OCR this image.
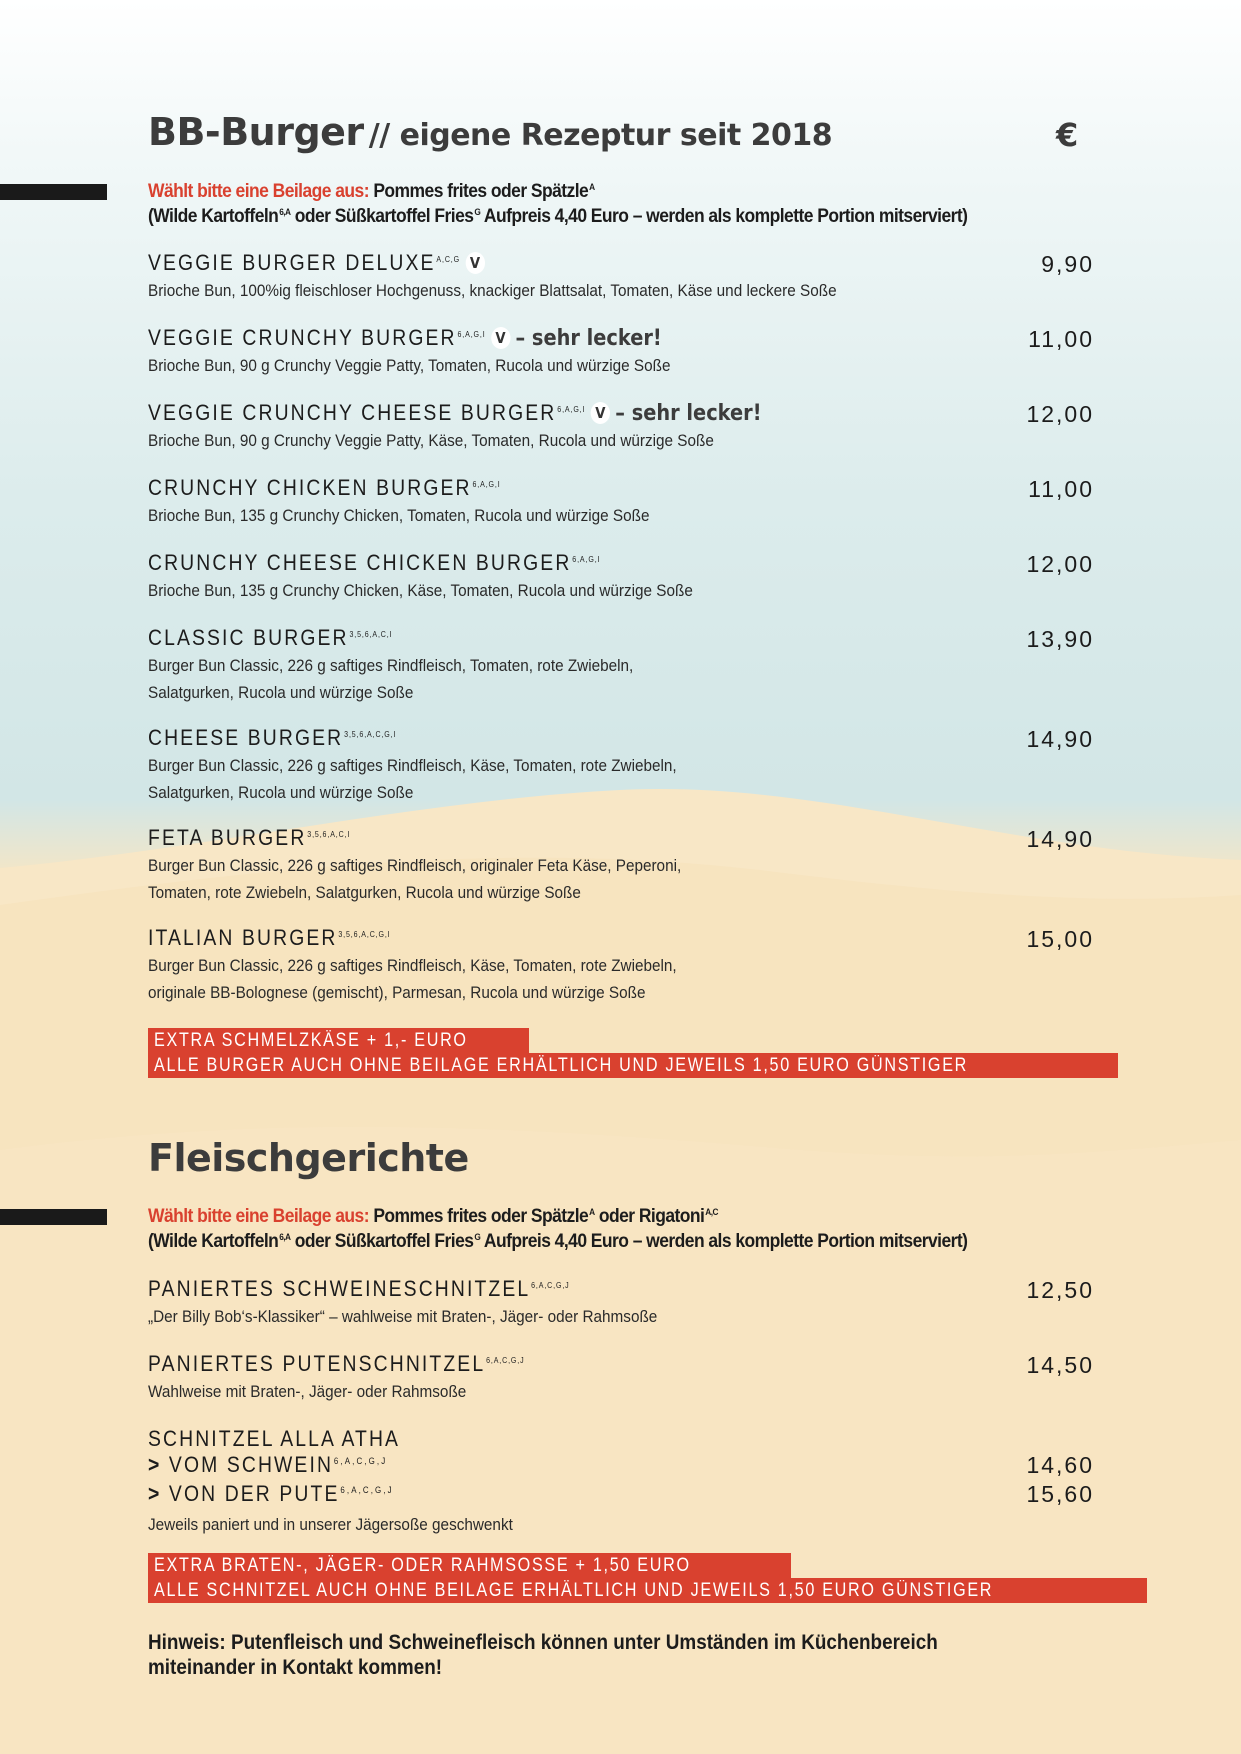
BB-Burger // eigene Rezeptur seit 2018	€
Wählt bitte eine Beilage aus: Pommes frites oder Spätzle$^A$
(Wilde Kartoffeln$^{6,A}$ oder Süßkartoffel Fries$^G$ Aufpreis 4,40 Euro – werden als komplette Portion mitserviert)
VEGGIE BURGER $DELUXE^{A,C,G}$ V
Brioche Bun, 100%ig fleischloser Hochgenuss, knackiger Blattsalat, Tomaten, Käse und leckere Soße
9,90
VEGGIE CRUNCHY $BURGER^{6,A,G,I}$ V – sehr lecker!
Brioche Bun, 90 g Crunchy Veggie Patty, Tomaten, Rucola und würzige Soße
11,00
VEGGIE CRUNCHY CHEESE $BURGER^{6,A,G,I}$ V – sehr lecker!
Brioche Bun, 90 g Crunchy Veggie Patty, Käse, Tomaten, Rucola und würzige Soße
12,00
CRUNCHY CHICKEN $BURGER^{6,A,G,I}$
Brioche Bun, 135 g Crunchy Chicken, Tomaten, Rucola und würzige Soße
11,00
CRUNCHY CHEESE CHICKEN $BURGER^{6,A,G,I}$
Brioche Bun, 135 g Crunchy Chicken, Käse, Tomaten, Rucola und würzige Soße
12,00
CLASSIC $BURGER^{3,5,6,A,C,I}$
Burger Bun Classic, 226 g saftiges Rindfleisch, Tomaten, rote Zwiebeln,
Salatgurken, Rucola und würzige Soße
13,90
CHEESE $BURGER^{3,5,6,A,C,G,I}$
Burger Bun Classic, 226 g saftiges Rindfleisch, Käse, Tomaten, rote Zwiebeln,
Salatgurken, Rucola und würzige Soße
14,90
FETA $BURGER^{3,5,6,A,C,I}$
Burger Bun Classic, 226 g saftiges Rindfleisch, originaler Feta Käse, Peperoni,
Tomaten, rote Zwiebeln, Salatgurken, Rucola und würzige Soße
14,90
ITALIAN $BURGER^{3,5,6,A,C,G,I}$
Burger Bun Classic, 226 g saftiges Rindfleisch, Käse, Tomaten, rote Zwiebeln,
originale BB-Bolognese (gemischt), Parmesan, Rucola und würzige Soße
15,00
EXTRA SCHMELZKÄSE + 1,- EURO
ALLE BURGER AUCH OHNE BEILAGE ERHÄLTLICH UND JEWEILS 1,50 EURO GÜNSTIGER
Fleischgerichte
Wählt bitte eine Beilage aus: Pommes frites oder Spätzle$^A$ oder Rigatoni$^{A,C}$
(Wilde Kartoffeln$^{6,A}$ oder Süßkartoffel Fries$^G$ Aufpreis 4,40 Euro – werden als komplette Portion mitserviert)
PANIERTES $SCHWEINESCHNITZEL^{6,A,C,G,J}$
„Der Billy Bob‘s-Klassiker“ – wahlweise mit Braten-, Jäger- oder Rahmsoße
12,50
PANIERTES $PUTENSCHNITZEL^{6,A,C,G,J}$
Wahlweise mit Braten-, Jäger- oder Rahmsoße
14,50
SCHNITZEL ALLA ATHA
> VOM $SCHWEIN^{6,A,C,G,J}$
> VON DER $PUTE^{6,A,C,G,J}$
Jeweils paniert und in unserer Jägersoße geschwenkt
14,60
15,60
EXTRA BRATEN-, JÄGER- ODER RAHMSOSSE + 1,50 EURO
ALLE SCHNITZEL AUCH OHNE BEILAGE ERHÄLTLICH UND JEWEILS 1,50 EURO GÜNSTIGER
Hinweis: Putenfleisch und Schweinefleisch können unter Umständen im Küchenbereich
miteinander in Kontakt kommen!
